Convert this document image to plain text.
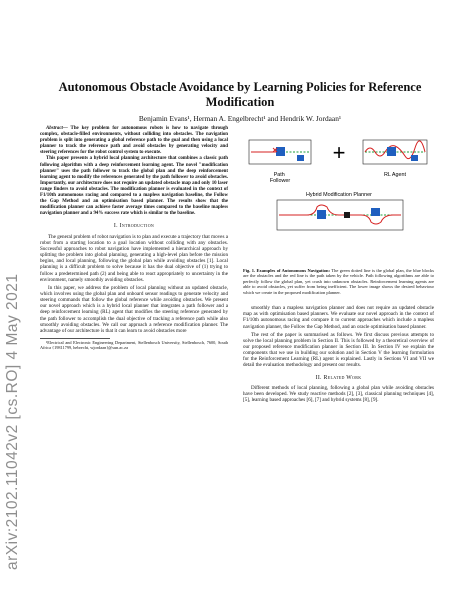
arXiv:2102.11042v2 [cs.RO] 4 May 2021
Autonomous Obstacle Avoidance by Learning Policies for Reference Modification
Benjamin Evans¹, Herman A. Engelbrecht¹ and Hendrik W. Jordaan¹

Abstract— The key problem for autonomous robots is how to navigate through complex, obstacle-filled environments, without colliding into obstacles. The navigation problem is split into generating a global reference path to the goal and then using a local planner to track the reference path and avoid obstacles by generating velocity and steering references for the robot control system to execute.

This paper presents a hybrid local planning architecture that combines a classic path following algorithm with a deep reinforcement learning agent. The novel "modification planner" uses the path follower to track the global plan and the deep reinforcement learning agent to modify the references generated by the path follower to avoid obstacles. Importantly, our architecture does not require an updated obstacle map and only 10 laser range finders to avoid obstacles. The modification planner is evaluated in the context of F1/10th autonomous racing and compared to a mapless navigation baseline, the Follow the Gap Method and an optimisation based planner. The results show that the modification planner can achieve faster average times compared to the baseline mapless navigation planner and a 94% success rate which is similar to the baseline.

I. Introduction

The general problem of robot navigation is to plan and execute a trajectory that moves a robot from a starting location to a goal location without colliding with any obstacles. Successful approaches to robot navigation have implemented a hierarchical approach by splitting the problem into global planning, generating a high-level plan before the mission begins, and local planning, following the global plan while avoiding obstacles [1]. Local planning is a difficult problem to solve because it has the dual objective of (1) trying to follow a predetermined path (2) and being able to react appropriately to uncertainty in the environment, namely smoothly avoiding obstacles.

In this paper, we address the problem of local planning without an updated obstacle, which involves using the global plan and onboard sensor readings to generate velocity and steering commands that follow the global reference while avoiding obstacles. We present our novel approach which is a hybrid local planner that integrates a path follower and a deep reinforcement learning (RL) agent that modifies the steering reference generated by the path follower to accomplish the dual objective of tracking a reference path while also smoothly avoiding obstacles. We call our approach a reference modification planner. The advantage of our architecture is that it can learn to avoid obstacles more

¹Electrical and Electronic Engineering Department, Stellenbosch University, Stellenbosch, 7600, South Africa {19811799, hebrecht, wjordaan}@sun.ac.za
Path Follower
+
RL Agent
Hybrid Modification Planner
Fig. 1. Examples of Autonomous Navigation: The green dotted line is the global plan, the blue blocks are the obstacles and the red line is the path taken by the vehicle. Path following algorithms are able to perfectly follow the global plan, yet crash into unknown obstacles. Reinforcement learning agents are able to avoid obstacles, yet suffer from being inefficient. The lower image shows the desired behaviour which we create in the proposed modification planner.

smoothly than a mapless navigation planner and does not require an updated obstacle map as with optimisation based planners. We evaluate our novel approach in the context of F1/10th autonomous racing and compare it to current approaches which include a mapless navigation planner, the Follow the Gap Method, and an oracle optimisation based planner.

The rest of the paper is summarised as follows. We first discuss previous attempts to solve the local planning problem in Section II. This is followed by a theoretical overview of our proposed reference modification planner in Section III. In Section IV we explain the components that we use in building our solution and in Section V the learning formulation for the Reinforcement Learning (RL) agent is explained. Lastly in Sections VI and VII we detail the evaluation methodology and present our results.

II. Related Work

Different methods of local planning, following a global plan while avoiding obstacles have been developed. We study reactive methods [2], [3], classical planning techniques [4], [5], learning based approaches [6], [7] and hybrid systems [8], [9].
